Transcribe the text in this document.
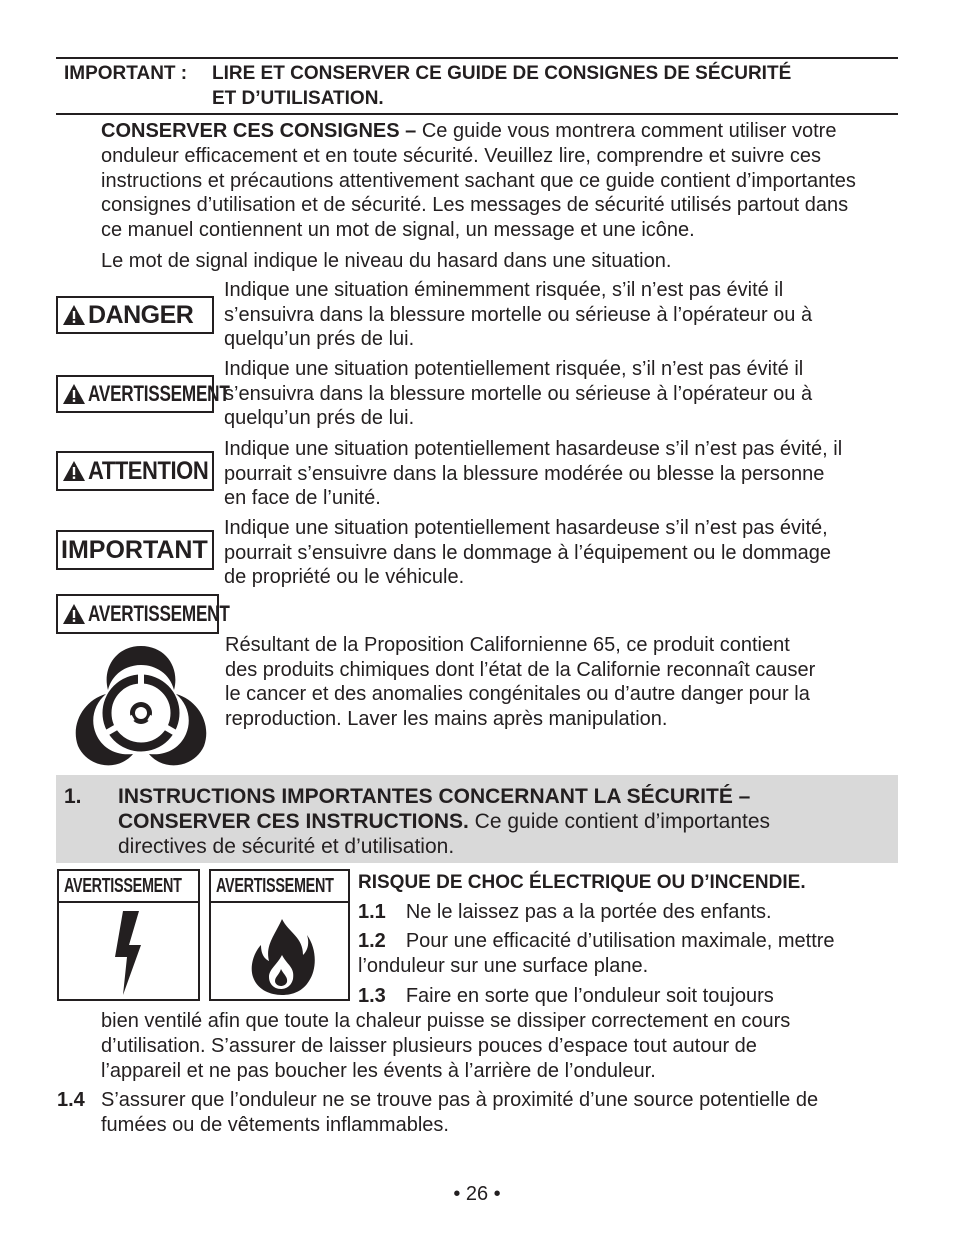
IMPORTANT : LIRE ET CONSERVER CE GUIDE DE CONSIGNES DE SÉCURITÉ
ET D’UTILISATION.
CONSERVER CES CONSIGNES – Ce guide vous montrera comment utiliser votre
onduleur efficacement et en toute sécurité. Veuillez lire, comprendre et suivre ces
instructions et précautions attentivement sachant que ce guide contient d’importantes
consignes d’utilisation et de sécurité. Les messages de sécurité utilisés partout dans
ce manuel contiennent un mot de signal, un message et une icône.
Le mot de signal indique le niveau du hasard dans une situation.
DANGER
Indique une situation éminemment risquée, s’il n’est pas évité il
s’ensuivra dans la blessure mortelle ou sérieuse à l’opérateur ou à
quelqu’un prés de lui.
AVERTISSEMENT
Indique une situation potentiellement risquée, s’il n’est pas évité il
s’ensuivra dans la blessure mortelle ou sérieuse à l’opérateur ou à
quelqu’un prés de lui.
ATTENTION
Indique une situation potentiellement hasardeuse s’il n’est pas évité, il
pourrait s’ensuivre dans la blessure modérée ou blesse la personne
en face de l’unité.
IMPORTANT
Indique une situation potentiellement hasardeuse s’il n’est pas évité,
pourrait s’ensuivre dans le dommage à l’équipement ou le dommage
de propriété ou le véhicule.
AVERTISSEMENT
Résultant de la Proposition Californienne 65, ce produit contient
des produits chimiques dont l’état de la Californie reconnaît causer
le cancer et des anomalies congénitales ou d’autre danger pour la
reproduction. Laver les mains après manipulation.
1. INSTRUCTIONS IMPORTANTES CONCERNANT LA SÉCURITÉ –
CONSERVER CES INSTRUCTIONS. Ce guide contient d’importantes
directives de sécurité et d’utilisation.
AVERTISSEMENT AVERTISSEMENT RISQUE DE CHOC ÉLECTRIQUE OU D’INCENDIE.
1.1 Ne le laissez pas a la portée des enfants.
1.2 Pour une efficacité d’utilisation maximale, mettre
l’onduleur sur une surface plane.
1.3 Faire en sorte que l’onduleur soit toujours
bien ventilé afin que toute la chaleur puisse se dissiper correctement en cours
d’utilisation. S’assurer de laisser plusieurs pouces d’espace tout autour de
l’appareil et ne pas boucher les évents à l’arrière de l’onduleur.
1.4 S’assurer que l’onduleur ne se trouve pas à proximité d’une source potentielle de
fumées ou de vêtements inflammables.
• 26 •
